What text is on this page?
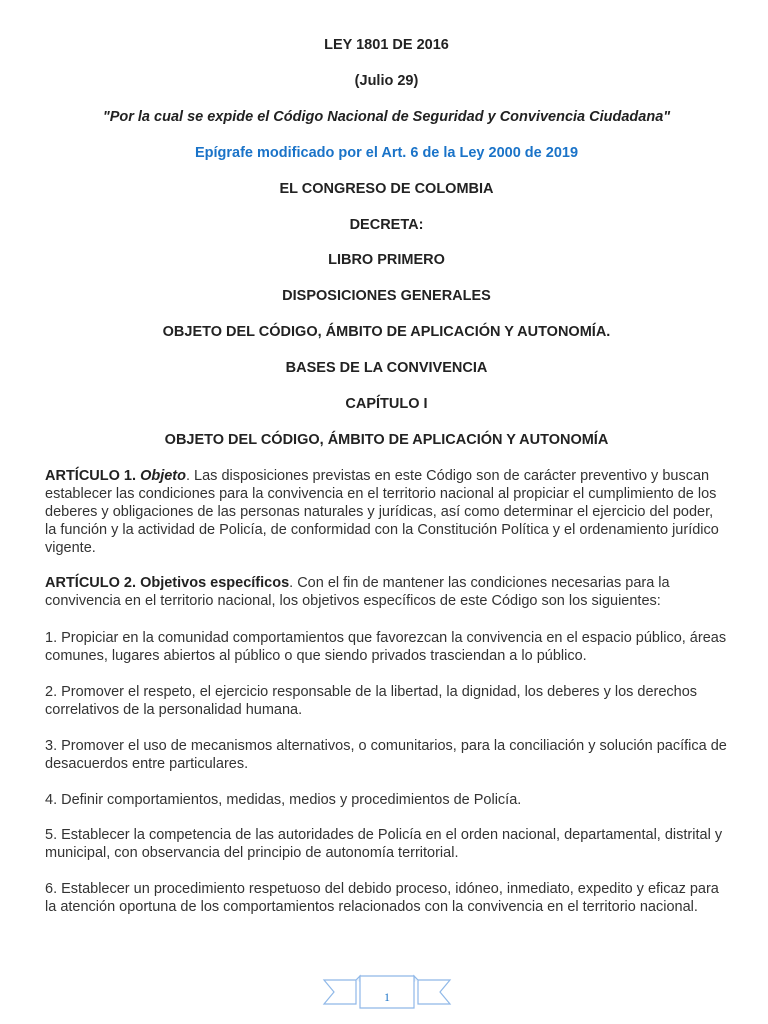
LEY 1801 DE 2016
(Julio 29)
"Por la cual se expide el Código Nacional de Seguridad y Convivencia Ciudadana"
Epígrafe modificado por el Art. 6 de la Ley 2000 de 2019
EL CONGRESO DE COLOMBIA
DECRETA:
LIBRO PRIMERO
DISPOSICIONES GENERALES
OBJETO DEL CÓDIGO, ÁMBITO DE APLICACIÓN Y AUTONOMÍA.
BASES DE LA CONVIVENCIA
CAPÍTULO I
OBJETO DEL CÓDIGO, ÁMBITO DE APLICACIÓN Y AUTONOMÍA

ARTÍCULO 1. Objeto. Las disposiciones previstas en este Código son de carácter preventivo y buscan establecer las condiciones para la convivencia en el territorio nacional al propiciar el cumplimiento de los deberes y obligaciones de las personas naturales y jurídicas, así como determinar el ejercicio del poder, la función y la actividad de Policía, de conformidad con la Constitución Política y el ordenamiento jurídico vigente.

ARTÍCULO 2. Objetivos específicos. Con el fin de mantener las condiciones necesarias para la convivencia en el territorio nacional, los objetivos específicos de este Código son los siguientes:

1. Propiciar en la comunidad comportamientos que favorezcan la convivencia en el espacio público, áreas comunes, lugares abiertos al público o que siendo privados trasciendan a lo público.

2. Promover el respeto, el ejercicio responsable de la libertad, la dignidad, los deberes y los derechos correlativos de la personalidad humana.

3. Promover el uso de mecanismos alternativos, o comunitarios, para la conciliación y solución pacífica de desacuerdos entre particulares.

4. Definir comportamientos, medidas, medios y procedimientos de Policía.

5. Establecer la competencia de las autoridades de Policía en el orden nacional, departamental, distrital y municipal, con observancia del principio de autonomía territorial.

6. Establecer un procedimiento respetuoso del debido proceso, idóneo, inmediato, expedito y eficaz para la atención oportuna de los comportamientos relacionados con la convivencia en el territorio nacional.

1
